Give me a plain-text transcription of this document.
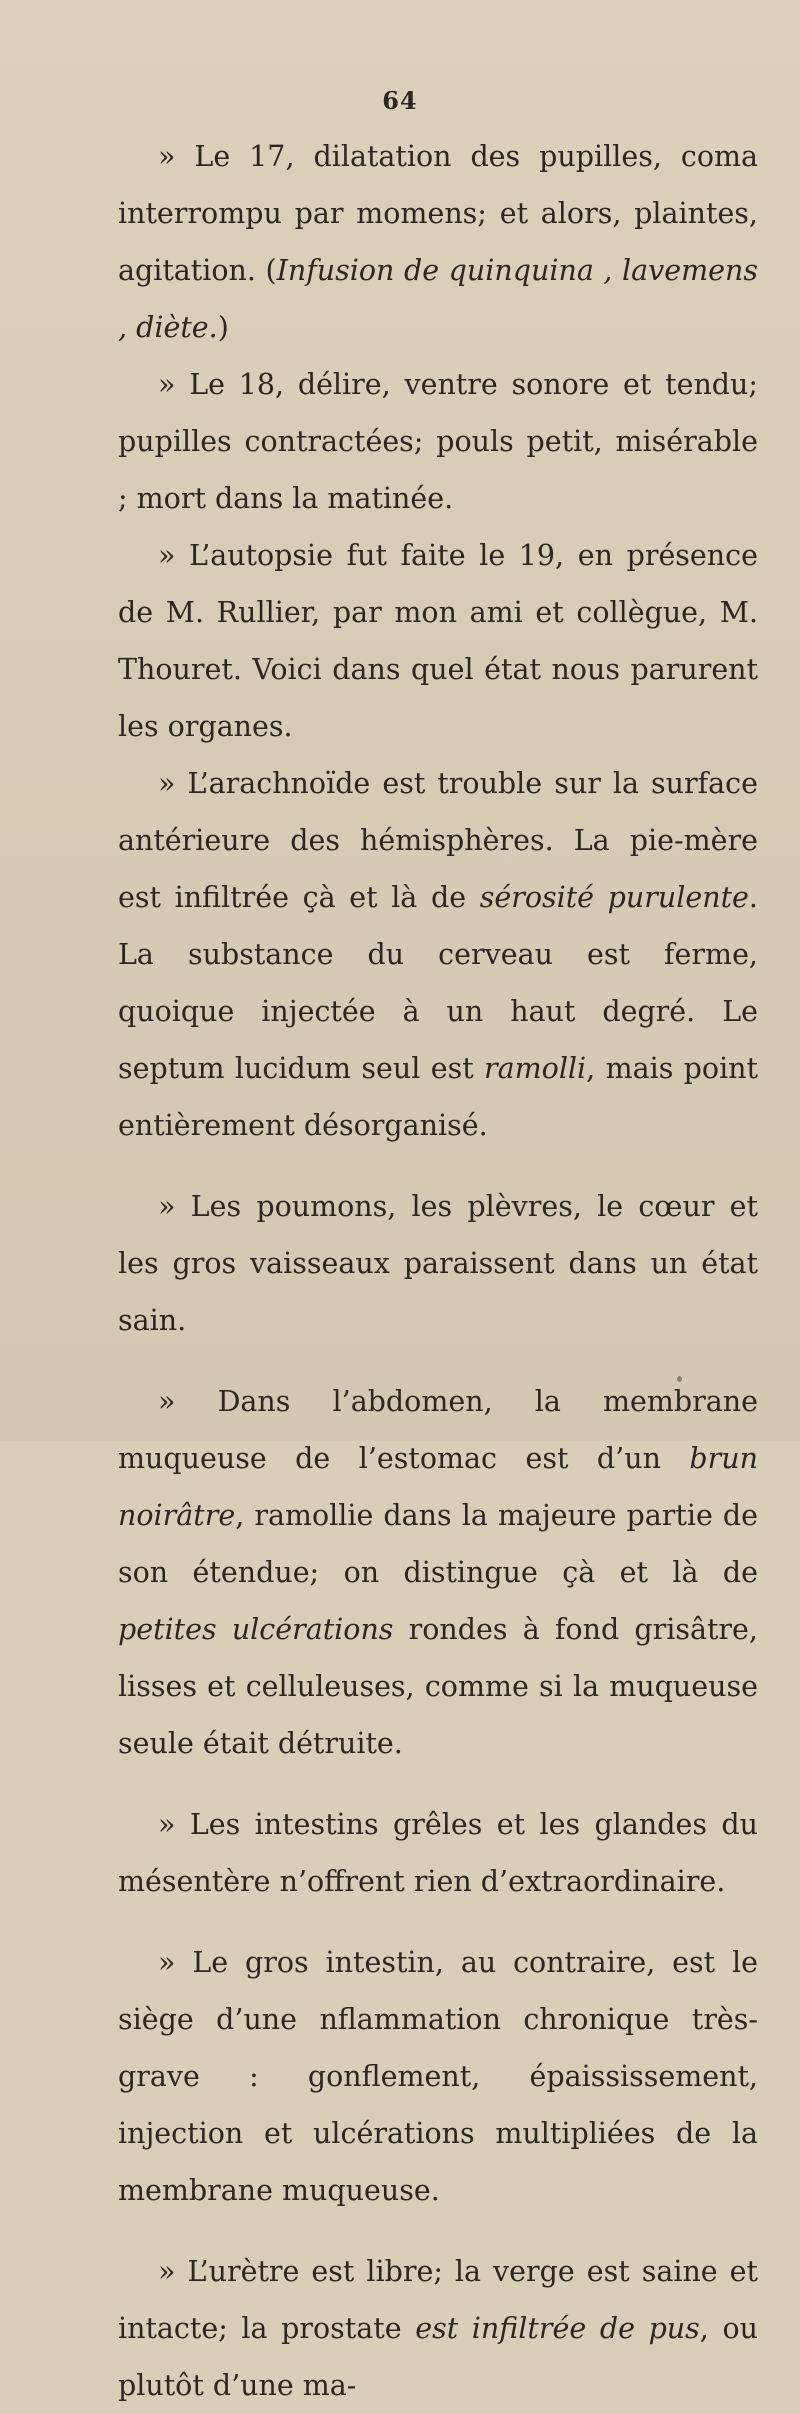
64

» Le 17, dilatation des pupilles, coma interrompu par momens; et alors, plaintes, agitation. (Infusion de quinquina , lavemens , diète.)

» Le 18, délire, ventre sonore et tendu; pupilles contractées; pouls petit, misérable ; mort dans la matinée.

» L’autopsie fut faite le 19, en présence de M. Rullier, par mon ami et collègue, M. Thouret. Voici dans quel état nous parurent les organes.

» L’arachnoïde est trouble sur la surface antérieure des hémisphères. La pie-mère est infiltrée çà et là de sérosité purulente. La substance du cerveau est ferme, quoique injectée à un haut degré. Le septum lucidum seul est ramolli, mais point entièrement désorganisé.

» Les poumons, les plèvres, le cœur et les gros vaisseaux paraissent dans un état sain.

» Dans l’abdomen, la membrane muqueuse de l’estomac est d’un brun noirâtre, ramollie dans la majeure partie de son étendue; on distingue çà et là de petites ulcérations rondes à fond grisâtre, lisses et celluleuses, comme si la muqueuse seule était détruite.

» Les intestins grêles et les glandes du mésentère n’offrent rien d’extraordinaire.

» Le gros intestin, au contraire, est le siège d’une nflammation chronique très-grave : gonflement, épaississement, injection et ulcérations multipliées de la membrane muqueuse.

» L’urètre est libre; la verge est saine et intacte; la prostate est infiltrée de pus, ou plutôt d’une ma-
